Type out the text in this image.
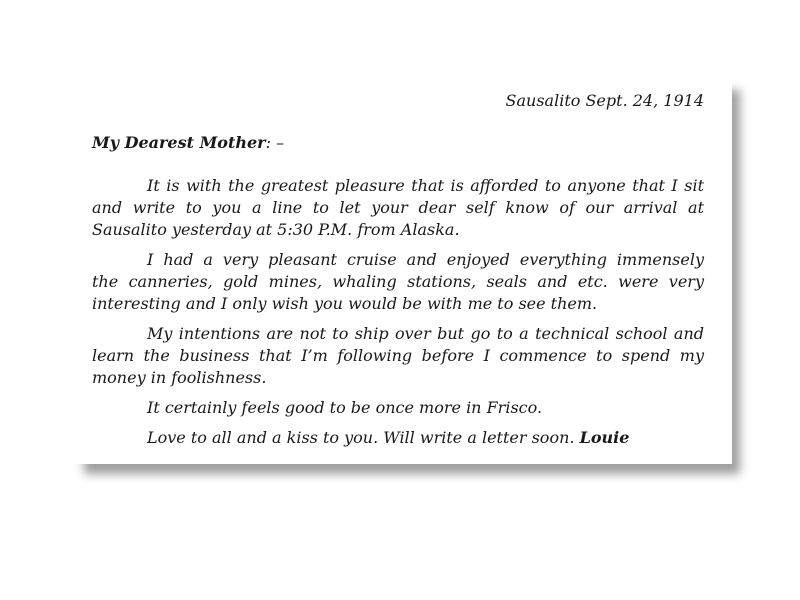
Sausalito Sept. 24, 1914
My Dearest Mother: –
It is with the greatest pleasure that is afforded to anyone that I sit
and write to you a line to let your dear self know of our arrival at
Sausalito yesterday at 5:30 P.M. from Alaska.
I had a very pleasant cruise and enjoyed everything immensely
the canneries, gold mines, whaling stations, seals and etc. were very
interesting and I only wish you would be with me to see them.
My intentions are not to ship over but go to a technical school and
learn the business that I’m following before I commence to spend my
money in foolishness.
It certainly feels good to be once more in Frisco.
Love to all and a kiss to you. Will write a letter soon. Louie
